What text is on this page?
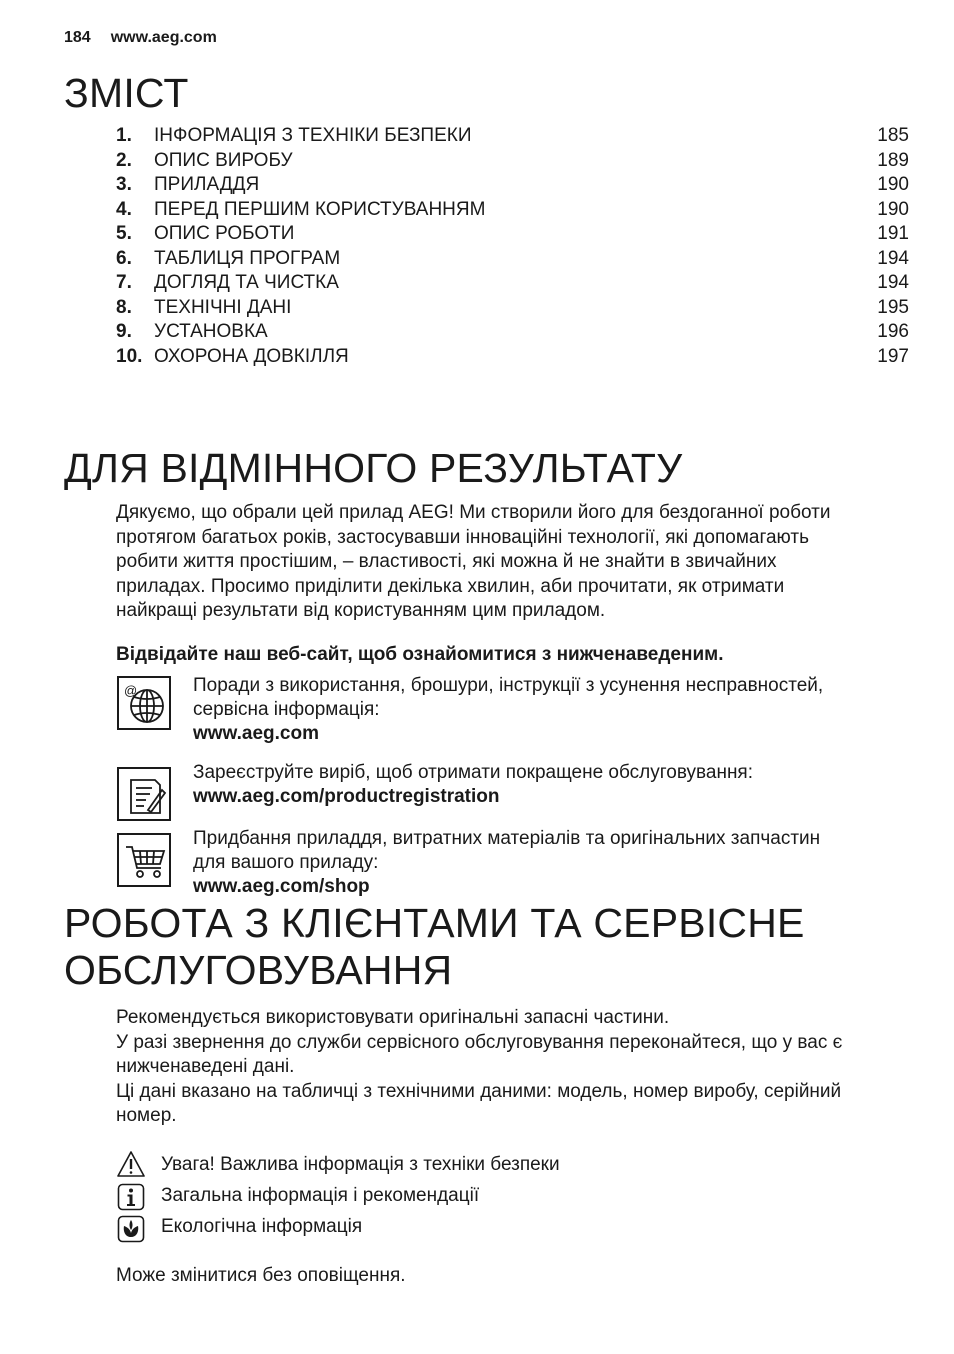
184 www.aeg.com
ЗМІСТ
1. ІНФОРМАЦІЯ З ТЕХНІКИ БЕЗПЕКИ	185
2. ОПИС ВИРОБУ	189
3. ПРИЛАДДЯ	190
4. ПЕРЕД ПЕРШИМ КОРИСТУВАННЯМ	190
5. ОПИС РОБОТИ	191
6. ТАБЛИЦЯ ПРОГРАМ	194
7. ДОГЛЯД ТА ЧИСТКА	194
8. ТЕХНІЧНІ ДАНІ	195
9. УСТАНОВКА	196
10. ОХОРОНА ДОВКІЛЛЯ	197
ДЛЯ ВІДМІННОГО РЕЗУЛЬТАТУ
Дякуємо, що обрали цей прилад AEG! Ми створили його для бездоганної роботи
протягом багатьох років, застосувавши інноваційні технології, які допомагають
робити життя простішим, – властивості, які можна й не знайти в звичайних
приладах. Просимо приділити декілька хвилин, аби прочитати, як отримати
найкращі результати від користуванням цим приладом.
Відвідайте наш веб-сайт, щоб ознайомитися з нижченаведеним.
@	Поради з використання, брошури, інструкції з усунення несправностей,
сервісна інформація:
www.aeg.com
Зареєструйте виріб, щоб отримати покращене обслуговування:
www.aeg.com/productregistration
Придбання приладдя, витратних матеріалів та оригінальних запчастин
для вашого приладу:
www.aeg.com/shop
РОБОТА З КЛІЄНТАМИ ТА СЕРВІСНЕ
ОБСЛУГОВУВАННЯ
Рекомендується використовувати оригінальні запасні частини.
У разі звернення до служби сервісного обслуговування переконайтеся, що у вас є
нижченаведені дані.
Ці дані вказано на табличці з технічними даними: модель, номер виробу, серійний
номер.
Увага! Важлива інформація з техніки безпеки
Загальна інформація і рекомендації
Екологічна інформація
Може змінитися без оповіщення.
